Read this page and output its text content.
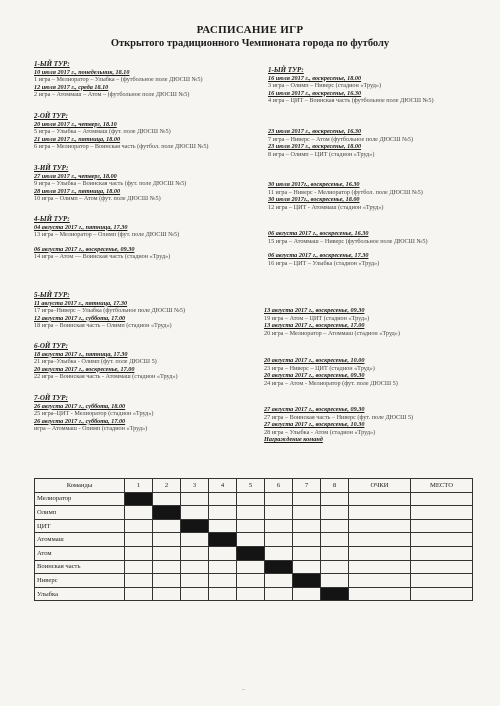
РАСПИСАНИЕ ИГР
Открытого традиционного Чемпионата города по футболу
1-ЫЙ ТУР:
10 июля 2017 г., понедельник, 18.10
1 игра – Мелиоратор – Улыбка – (футбольное поле ДЮСШ №5)
12 июля 2017 г., среда 18.10
2 игра – Атоммаш – Атом – (футбольное поле ДЮСШ №5)
2-ОЙ ТУР:
20 июля 2017 г., четверг, 18.10
5 игра – Улыбка – Атоммаш (фут. поле ДЮСШ №5)
21 июля 2017 г., пятница, 18.00
6 игра – Мелиоратор – Воинская часть (футбол. поле ДЮСШ №5)
3-ИЙ ТУР:
27 июля 2017 г., четверг, 18.00
9 игра – Улыбка – Воинская часть (фут. поле ДЮСШ №5)
28 июля 2017 г., пятница, 18.00
10 игра – Олимп – Атом (фут. поле ДЮСШ №5)
4-ЫЙ ТУР:
04 августа 2017 г., пятница, 17.30
13 игра – Мелиоратор – Олимп (фут. поле ДЮСШ №5)
06 августа 2017 г., воскресенье, 09.30
14 игра – Атом — Воинская часть (стадион «Труд»)
1-ЫЙ ТУР:
16 июля 2017 г., воскресенье, 18.00
3 игра – Олимп – Нивeрс (стадион «Труд»)
16 июля 2017 г., воскресенье, 16.30
4 игра – ЦИТ – Воинская часть (футбольное поле ДЮСШ №5)
23 июля 2017 г., воскресенье, 16.30
7 игра – Нивeрс – Атом (футбольное поле ДЮСШ №5)
23 июля 2017 г., воскресенье, 18.00
8 игра – Олимп – ЦИТ (стадион «Труд»)
30 июля 2017г., воскресенье, 16.30
11 игра – Нивeрс - Мелиоратор (футбол. поле ДЮСШ №5)
30 июля 2017г., воскресенье, 18.00
12 игра – ЦИТ - Атоммаш (стадион «Труд»)
06 августа 2017 г., воскресенье, 16.30
15 игра – Атоммаш – Нивeрс (футбольное поле ДЮСШ №5)
06 августа 2017 г., воскресенье, 17.30
16 игра – ЦИТ – Улыбка (стадион «Труд»)
5-ЫЙ ТУР:
11 августа 2017 г., пятница, 17.30
17 игра–Нивeрс – Улыбка (футбольное поле ДЮСШ №5)
12 августа 2017 г., суббота, 17.00
18 игра – Воинская часть – Олимп (стадион «Труд»)
6-ОЙ ТУР:
18 августа 2017 г., пятница, 17.30
21 игра–Улыбка - Олимп (фут. поле ДЮСШ 5)
20 августа 2017 г., воскресенье, 17.00
22 игра – Воинская часть - Атоммаш (стадион «Труд»)
7-ОЙ ТУР:
26 августа 2017 г., суббота, 18.00
25 игра–ЦИТ - Мелиоратор (стадион «Труд»)
26 августа 2017 г., суббота, 17.00
игра – Атоммаш - Олимп (стадион «Труд»)
13 августа 2017 г., воскресенье, 09.30
19 игра – Атом – ЦИТ (стадион «Труд»)
13 августа 2017 г., воскресенье, 17.00
20 игра – Мелиоратор – Атоммаш (стадион «Труд»)
20 августа 2017 г., воскресенье, 10.00
23 игра – Нивeрс – ЦИТ (стадион «Труд»)
20 августа 2017 г., воскресенье, 09.30
24 игра – Атом - Мелиоратор (фут. поле ДЮСШ 5)
27 августа 2017 г., воскресенье, 09.30
27 игра – Воинская часть – Нивeрс (фут. поле ДЮСШ 5)
27 августа 2017 г., воскресенье, 10.30
28 игра – Улыбка - Атом (стадион «Труд»)
Награждение команд
Команды	1	2	3	4	5	6	7	8	ОЧКИ	МЕСТО
Мелиоратор										
Олимп										
ЦИТ										
Атоммаш										
Атом										
Воинская часть										
Нивeрс										
Улыбка										
~
